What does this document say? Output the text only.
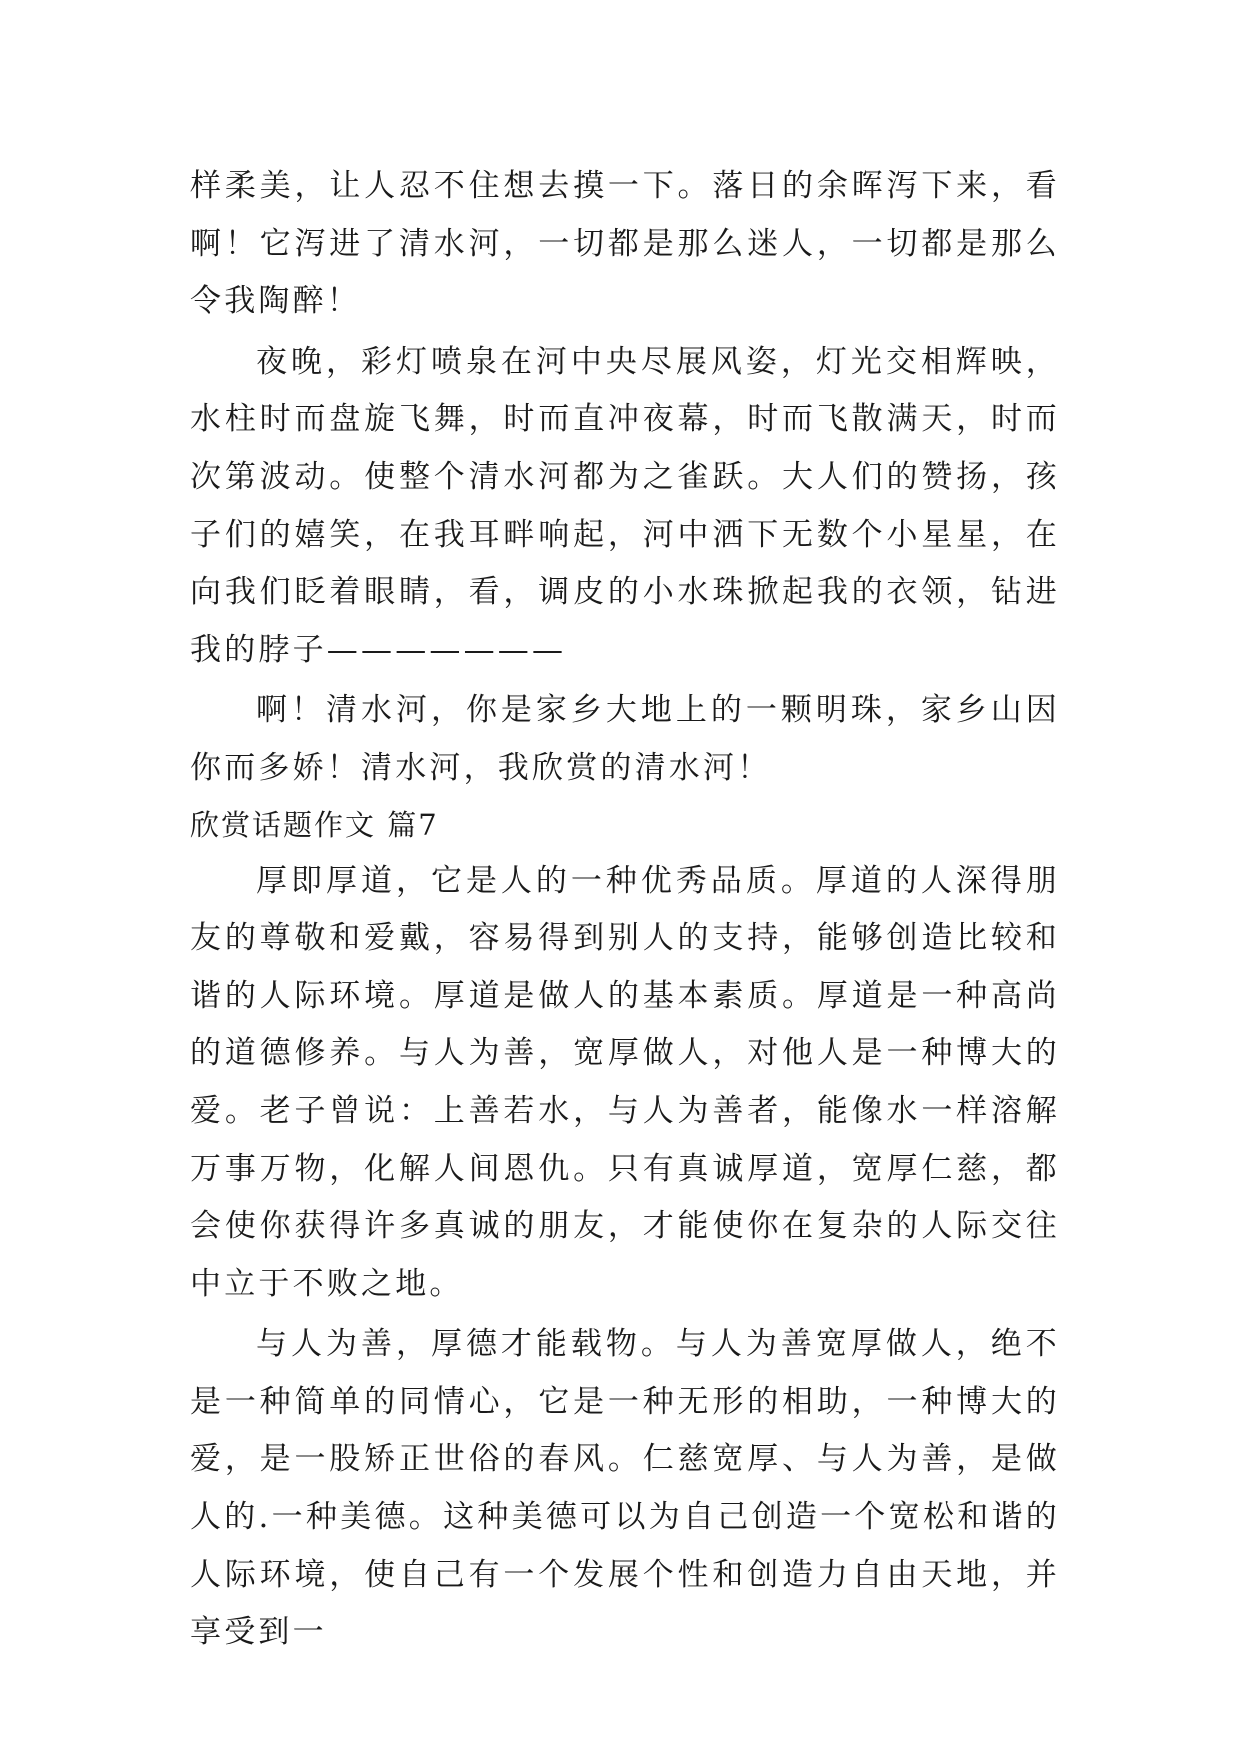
样柔美，让人忍不住想去摸一下。落日的余晖泻下来，看啊！它泻进了清水河，一切都是那么迷人，一切都是那么令我陶醉！

夜晚，彩灯喷泉在河中央尽展风姿，灯光交相辉映，水柱时而盘旋飞舞，时而直冲夜幕，时而飞散满天，时而次第波动。使整个清水河都为之雀跃。大人们的赞扬，孩子们的嬉笑，在我耳畔响起，河中洒下无数个小星星，在向我们眨着眼睛，看，调皮的小水珠掀起我的衣领，钻进我的脖子———————

啊！清水河，你是家乡大地上的一颗明珠，家乡山因你而多娇！清水河，我欣赏的清水河！

欣赏话题作文 篇7

厚即厚道，它是人的一种优秀品质。厚道的人深得朋友的尊敬和爱戴，容易得到别人的支持，能够创造比较和谐的人际环境。厚道是做人的基本素质。厚道是一种高尚的道德修养。与人为善，宽厚做人，对他人是一种博大的爱。老子曾说：上善若水，与人为善者，能像水一样溶解万事万物，化解人间恩仇。只有真诚厚道，宽厚仁慈，都会使你获得许多真诚的朋友，才能使你在复杂的人际交往中立于不败之地。

与人为善，厚德才能载物。与人为善宽厚做人，绝不是一种简单的同情心，它是一种无形的相助，一种博大的爱，是一股矫正世俗的春风。仁慈宽厚、与人为善，是做人的.一种美德。这种美德可以为自己创造一个宽松和谐的人际环境，使自己有一个发展个性和创造力自由天地，并享受到一
